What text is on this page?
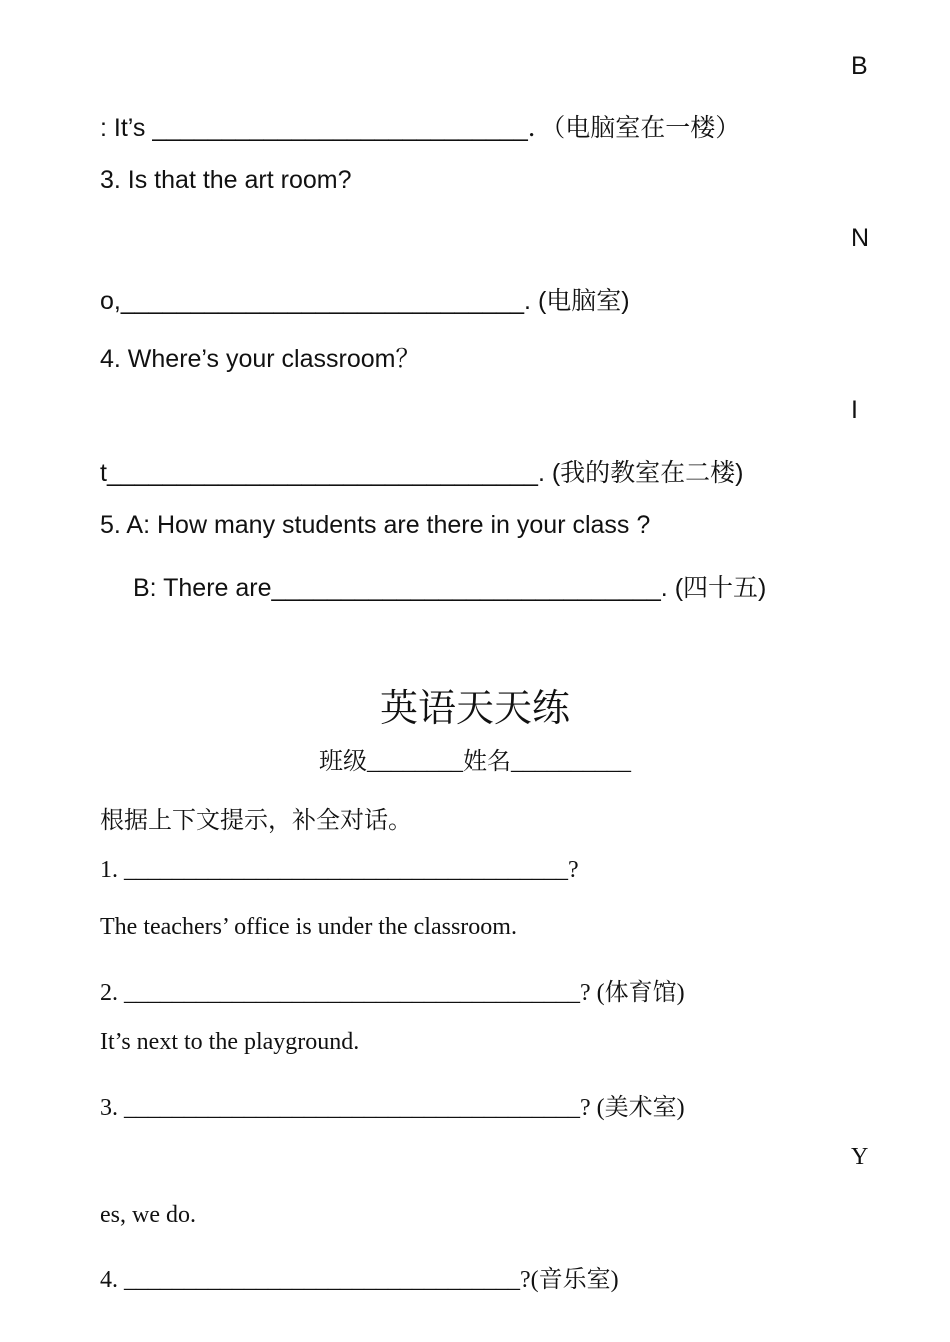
B
: It’s ___________________________．（电脑室在一楼）
3. Is that the art room?
N
o,_____________________________. (电脑室)
4. Where’s your classroom？
I
t_______________________________. (我的教室在二楼)
5. A: How many students are there in your class ?
B: There are____________________________. (四十五)
英语天天练
班级________姓名__________
根据上下文提示，补全对话。
1. _____________________________________?
The teachers’ office is under the classroom.
2. ______________________________________? (体育馆)
It’s next to the playground.
3. ______________________________________? (美术室)
Y
es, we do.
4. _________________________________?(音乐室)
